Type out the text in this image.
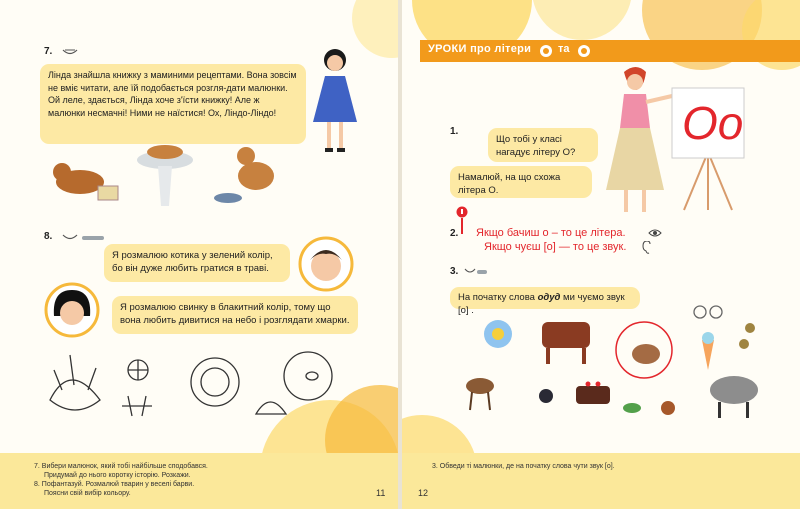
7.
Лінда знайшла книжку з маминими рецептами. Вона зовсім не вміє читати, але їй подобається розгля-дати малюнки. Ой леле, здається, Лінда хоче з'їсти книжку! Але ж малюнки несмачні! Ними не наїстися! Ох, Ліндо-Ліндо!
8.
Я розмалюю котика у зелений колір, бо він дуже любить гратися в траві.
Я розмалюю свинку в блакитний колір, тому що вона любить дивитися на небо і розглядати хмарки.
7. Вибери малюнок, який тобі найбільше сподобався.
Придумай до нього коротку історію. Розкажи.
8. Пофантазуй. Розмалюй тварин у веселі барви.
Поясни свій вибір кольору.	11
УРОКИ про літери та
1.
Що тобі у класі нагадує літеру О?
Намалюй, на що схожа літера О.
Оо
2. Якщо бачиш о – то це літера.
Якщо чуєш [о] — то це звук.
3.
На початку слова одуд ми чуємо звук [о] .
3. Обведи ті малюнки, де на початку слова чути звук [о].
12
